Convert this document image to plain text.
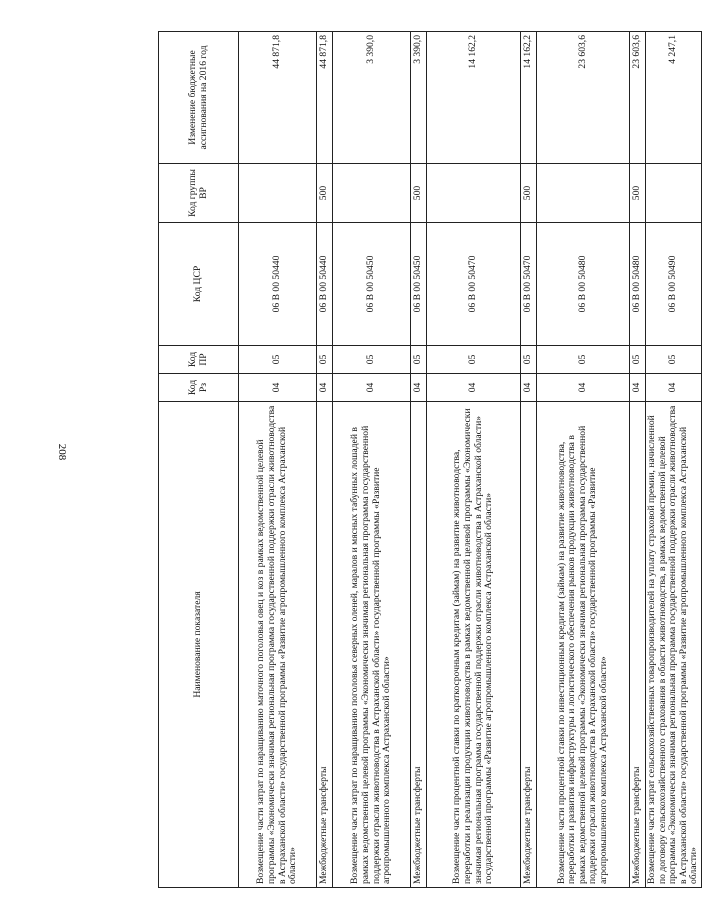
208
Наименование показателя	Код Рз	Код ПР	Код ЦСР	Код группы ВР	Изменение бюджетные ассигнования на 2016 год
Возмещение части затрат по наращиванию маточного поголовья овец и коз в рамках ведомственной целевой программы «Экономически значимая региональная программа государственной поддержки отрасли животноводства в Астраханской области» государственной программы «Развитие агропромышленного комплекса Астраханской области»	04	05	06 В 00 50440		44 871,8
Межбюджетные трансферты	04	05	06 В 00 50440	500	44 871,8
Возмещение части затрат по наращиванию поголовья северных оленей, маралов и мясных табунных лошадей в рамках ведомственной целевой программы «Экономически значимая региональная программа государственной поддержки отрасли животноводства в Астраханской области» государственной программы «Развитие агропромышленного комплекса Астраханской области»	04	05	06 В 00 50450		3 390,0
Межбюджетные трансферты	04	05	06 В 00 50450	500	3 390,0
Возмещение части процентной ставки по краткосрочным кредитам (займам) на развитие животноводства, переработки и реализации продукции животноводства в рамках ведомственной целевой программы «Экономически значимая региональная программа государственной поддержки отрасли животноводства в Астраханской области» государственной программы «Развитие агропромышленного комплекса Астраханской области»	04	05	06 В 00 50470		14 162,2
Межбюджетные трансферты	04	05	06 В 00 50470	500	14 162,2
Возмещение части процентной ставки по инвестиционным кредитам (займам) на развитие животноводства, переработки и развития инфраструктуры и логистического обеспечения рынков продукции животноводства в рамках ведомственной целевой программы «Экономически значимая региональная программа государственной поддержки отрасли животноводства в Астраханской области» государственной программы «Развитие агропромышленного комплекса Астраханской области»	04	05	06 В 00 50480		23 603,6
Межбюджетные трансферты	04	05	06 В 00 50480	500	23 603,6
Возмещение части затрат сельскохозяйственных товаропроизводителей на уплату страховой премии, начисленной по договору сельскохозяйственного страхования в области животноводства, в рамках ведомственной целевой программы «Экономически значимая региональная программа государственной поддержки отрасли животноводства в Астраханской области» государственной программы «Развитие агропромышленного комплекса Астраханской области»	04	05	06 В 00 50490		4 247,1
